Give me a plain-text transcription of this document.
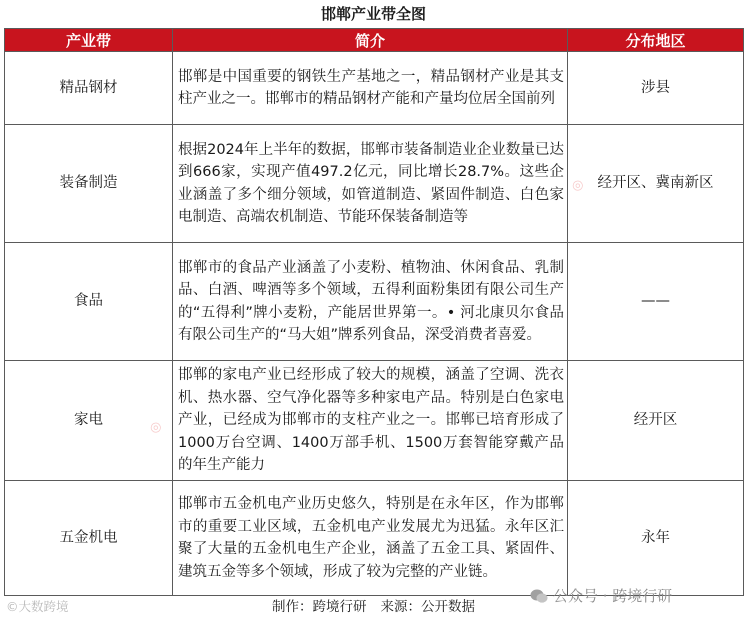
邯郸产业带全图
产业带	简介	分布地区
精品钢材	邯郸是中国重要的钢铁生产基地之一，精品钢材产业是其支柱产业之一。邯郸市的精品钢材产能和产量均位居全国前列	涉县
装备制造	根据2024年上半年的数据，邯郸市装备制造业企业数量已达到666家，实现产值497.2亿元，同比增长28.7%。这些企业涵盖了多个细分领域，如管道制造、紧固件制造、白色家电制造、高端农机制造、节能环保装备制造等	经开区、冀南新区
食品	邯郸市的食品产业涵盖了小麦粉、植物油、休闲食品、乳制品、白酒、啤酒等多个领域，五得利面粉集团有限公司生产的“五得利”牌小麦粉，产能居世界第一。• 河北康贝尔食品有限公司生产的“马大姐”牌系列食品，深受消费者喜爱。	——
家电	邯郸的家电产业已经形成了较大的规模，涵盖了空调、洗衣机、热水器、空气净化器等多种家电产品。特别是白色家电产业，已经成为邯郸市的支柱产业之一。邯郸已培育形成了1000万台空调、1400万部手机、1500万套智能穿戴产品的年生产能力	经开区
五金机电	邯郸市五金机电产业历史悠久，特别是在永年区，作为邯郸市的重要工业区域，五金机电产业发展尤为迅猛。永年区汇聚了大量的五金机电生产企业，涵盖了五金工具、紧固件、建筑五金等多个领域，形成了较为完整的产业链。	永年
◎
◎
公众号 · 跨境行研
©大数跨境	制作：跨境行研 来源：公开数据
